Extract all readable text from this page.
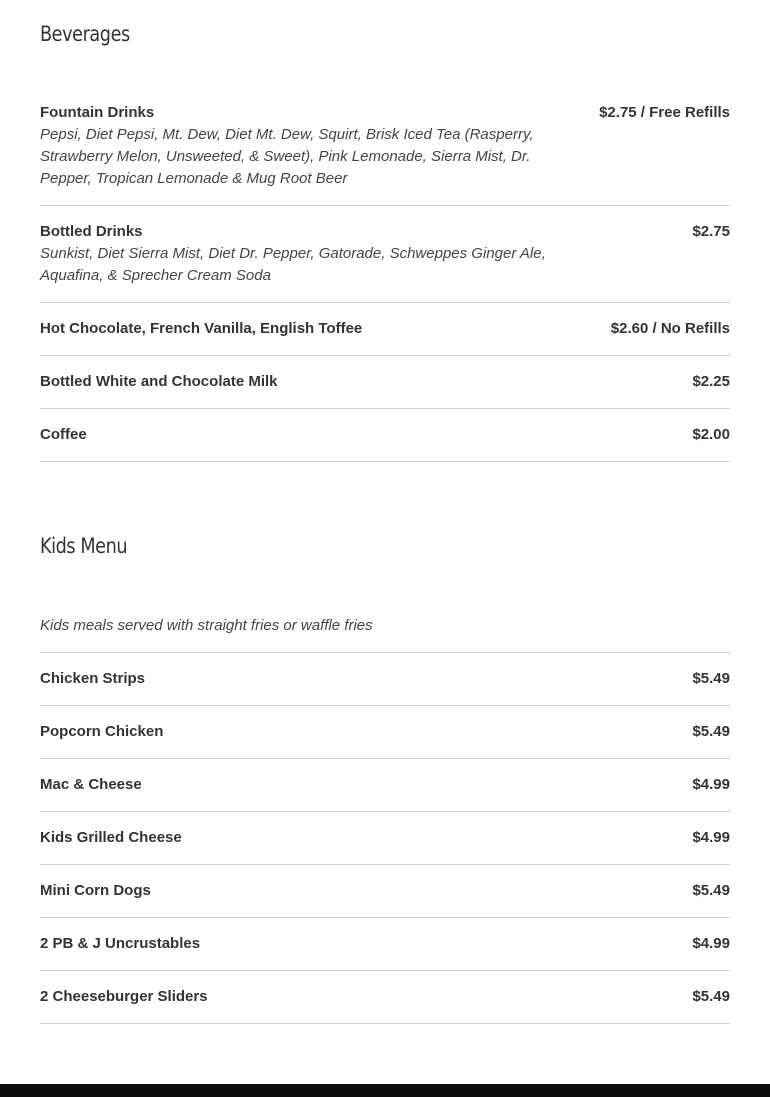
Beverages
Fountain Drinks	$2.75 / Free Refills
Pepsi, Diet Pepsi, Mt. Dew, Diet Mt. Dew, Squirt, Brisk Iced Tea (Rasperry, Strawberry Melon, Unsweeted, & Sweet), Pink Lemonade, Sierra Mist, Dr. Pepper, Tropican Lemonade & Mug Root Beer
Bottled Drinks	$2.75
Sunkist, Diet Sierra Mist, Diet Dr. Pepper, Gatorade, Schweppes Ginger Ale, Aquafina, & Sprecher Cream Soda
Hot Chocolate, French Vanilla, English Toffee	$2.60 / No Refills
Bottled White and Chocolate Milk	$2.25
Coffee	$2.00
Kids Menu
Kids meals served with straight fries or waffle fries
Chicken Strips	$5.49
Popcorn Chicken	$5.49
Mac & Cheese	$4.99
Kids Grilled Cheese	$4.99
Mini Corn Dogs	$5.49
2 PB & J Uncrustables	$4.99
2 Cheeseburger Sliders	$5.49
